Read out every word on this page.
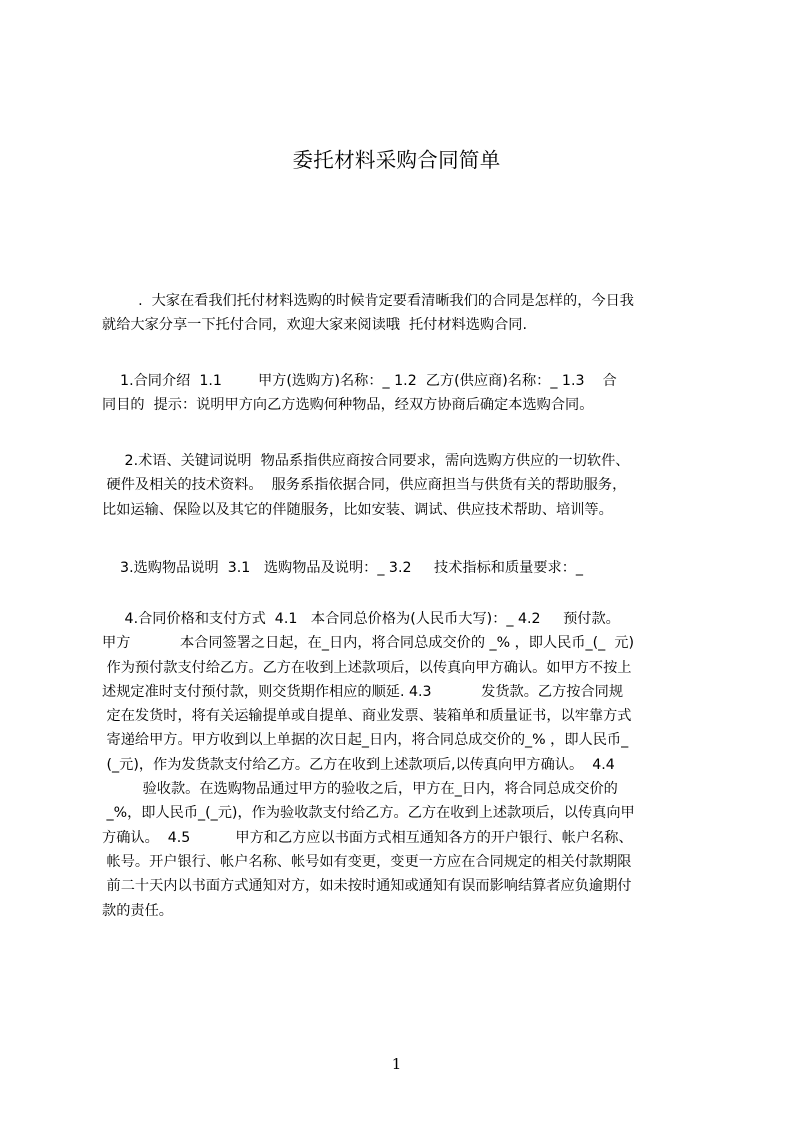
委托材料采购合同简单
.  大家在看我们托付材料选购的时候肯定要看清晰我们的合同是怎样的，今日我
就给大家分享一下托付合同，欢迎大家来阅读哦  托付材料选购合同.
1.合同介绍  1.1        甲方(选购方)名称：_ 1.2  乙方(供应商)名称：_ 1.3    合
同目的  提示：说明甲方向乙方选购何种物品，经双方协商后确定本选购合同。
2.术语、关键词说明  物品系指供应商按合同要求，需向选购方供应的一切软件、
硬件及相关的技术资料。  服务系指依据合同，供应商担当与供货有关的帮助服务，
比如运输、保险以及其它的伴随服务，比如安装、调试、供应技术帮助、培训等。
3.选购物品说明  3.1   选购物品及说明：_ 3.2     技术指标和质量要求：_
4.合同价格和支付方式  4.1   本合同总价格为(人民币大写)：_ 4.2     预付款。
甲方           本合同签署之日起，在_日内，将合同总成交价的 _% ，即人民币_(_  元)
作为预付款支付给乙方。乙方在收到上述款项后，以传真向甲方确认。如甲方不按上
述规定准时支付预付款，则交货期作相应的顺延. 4.3           发货款。乙方按合同规
定在发货时，将有关运输提单或自提单、商业发票、装箱单和质量证书，以牢靠方式
寄递给甲方。甲方收到以上单据的次日起_日内，将合同总成交价的_% ，即人民币_
(_元)，作为发货款支付给乙方。乙方在收到上述款项后,以传真向甲方确认。  4.4
验收款。在选购物品通过甲方的验收之后，甲方在_日内，将合同总成交价的
_%，即人民币_(_元)，作为验收款支付给乙方。乙方在收到上述款项后，以传真向甲
方确认。  4.5          甲方和乙方应以书面方式相互通知各方的开户银行、帐户名称、
帐号。开户银行、帐户名称、帐号如有变更，变更一方应在合同规定的相关付款期限
前二十天内以书面方式通知对方，如未按时通知或通知有误而影响结算者应负逾期付
款的责任。
1
